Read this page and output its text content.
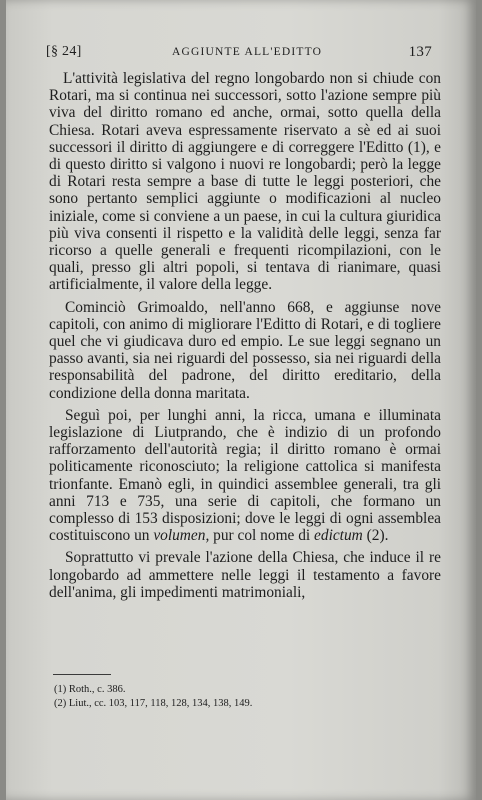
[§ 24]	AGGIUNTE ALL'EDITTO	137

L'attività legislativa del regno longobardo non si chiude con Rotari, ma si continua nei successori, sotto l'azione sempre più viva del diritto romano ed anche, ormai, sotto quella della Chiesa. Rotari aveva espressamente riservato a sè ed ai suoi successori il diritto di aggiungere e di correggere l'Editto (1), e di questo diritto si valgono i nuovi re longobardi; però la legge di Rotari resta sempre a base di tutte le leggi posteriori, che sono pertanto semplici aggiunte o modificazioni al nucleo iniziale, come si conviene a un paese, in cui la cultura giuridica più viva consenti il rispetto e la validità delle leggi, senza far ricorso a quelle generali e frequenti ricompilazioni, con le quali, presso gli altri popoli, si tentava di rianimare, quasi artificialmente, il valore della legge.

Cominciò Grimoaldo, nell'anno 668, e aggiunse nove capitoli, con animo di migliorare l'Editto di Rotari, e di togliere quel che vi giudicava duro ed empio. Le sue leggi segnano un passo avanti, sia nei riguardi del possesso, sia nei riguardi della responsabilità del padrone, del diritto ereditario, della condizione della donna maritata.

Seguì poi, per lunghi anni, la ricca, umana e illuminata legislazione di Liutprando, che è indizio di un profondo rafforzamento dell'autorità regia; il diritto romano è ormai politicamente riconosciuto; la religione cattolica si manifesta trionfante. Emanò egli, in quindici assemblee generali, tra gli anni 713 e 735, una serie di capitoli, che formano un complesso di 153 disposizioni; dove le leggi di ogni assemblea costituiscono un volumen, pur col nome di edictum (2).

Soprattutto vi prevale l'azione della Chiesa, che induce il re longobardo ad ammettere nelle leggi il testamento a favore dell'anima, gli impedimenti matrimoniali,

(1) Roth., c. 386.
(2) Liut., cc. 103, 117, 118, 128, 134, 138, 149.
